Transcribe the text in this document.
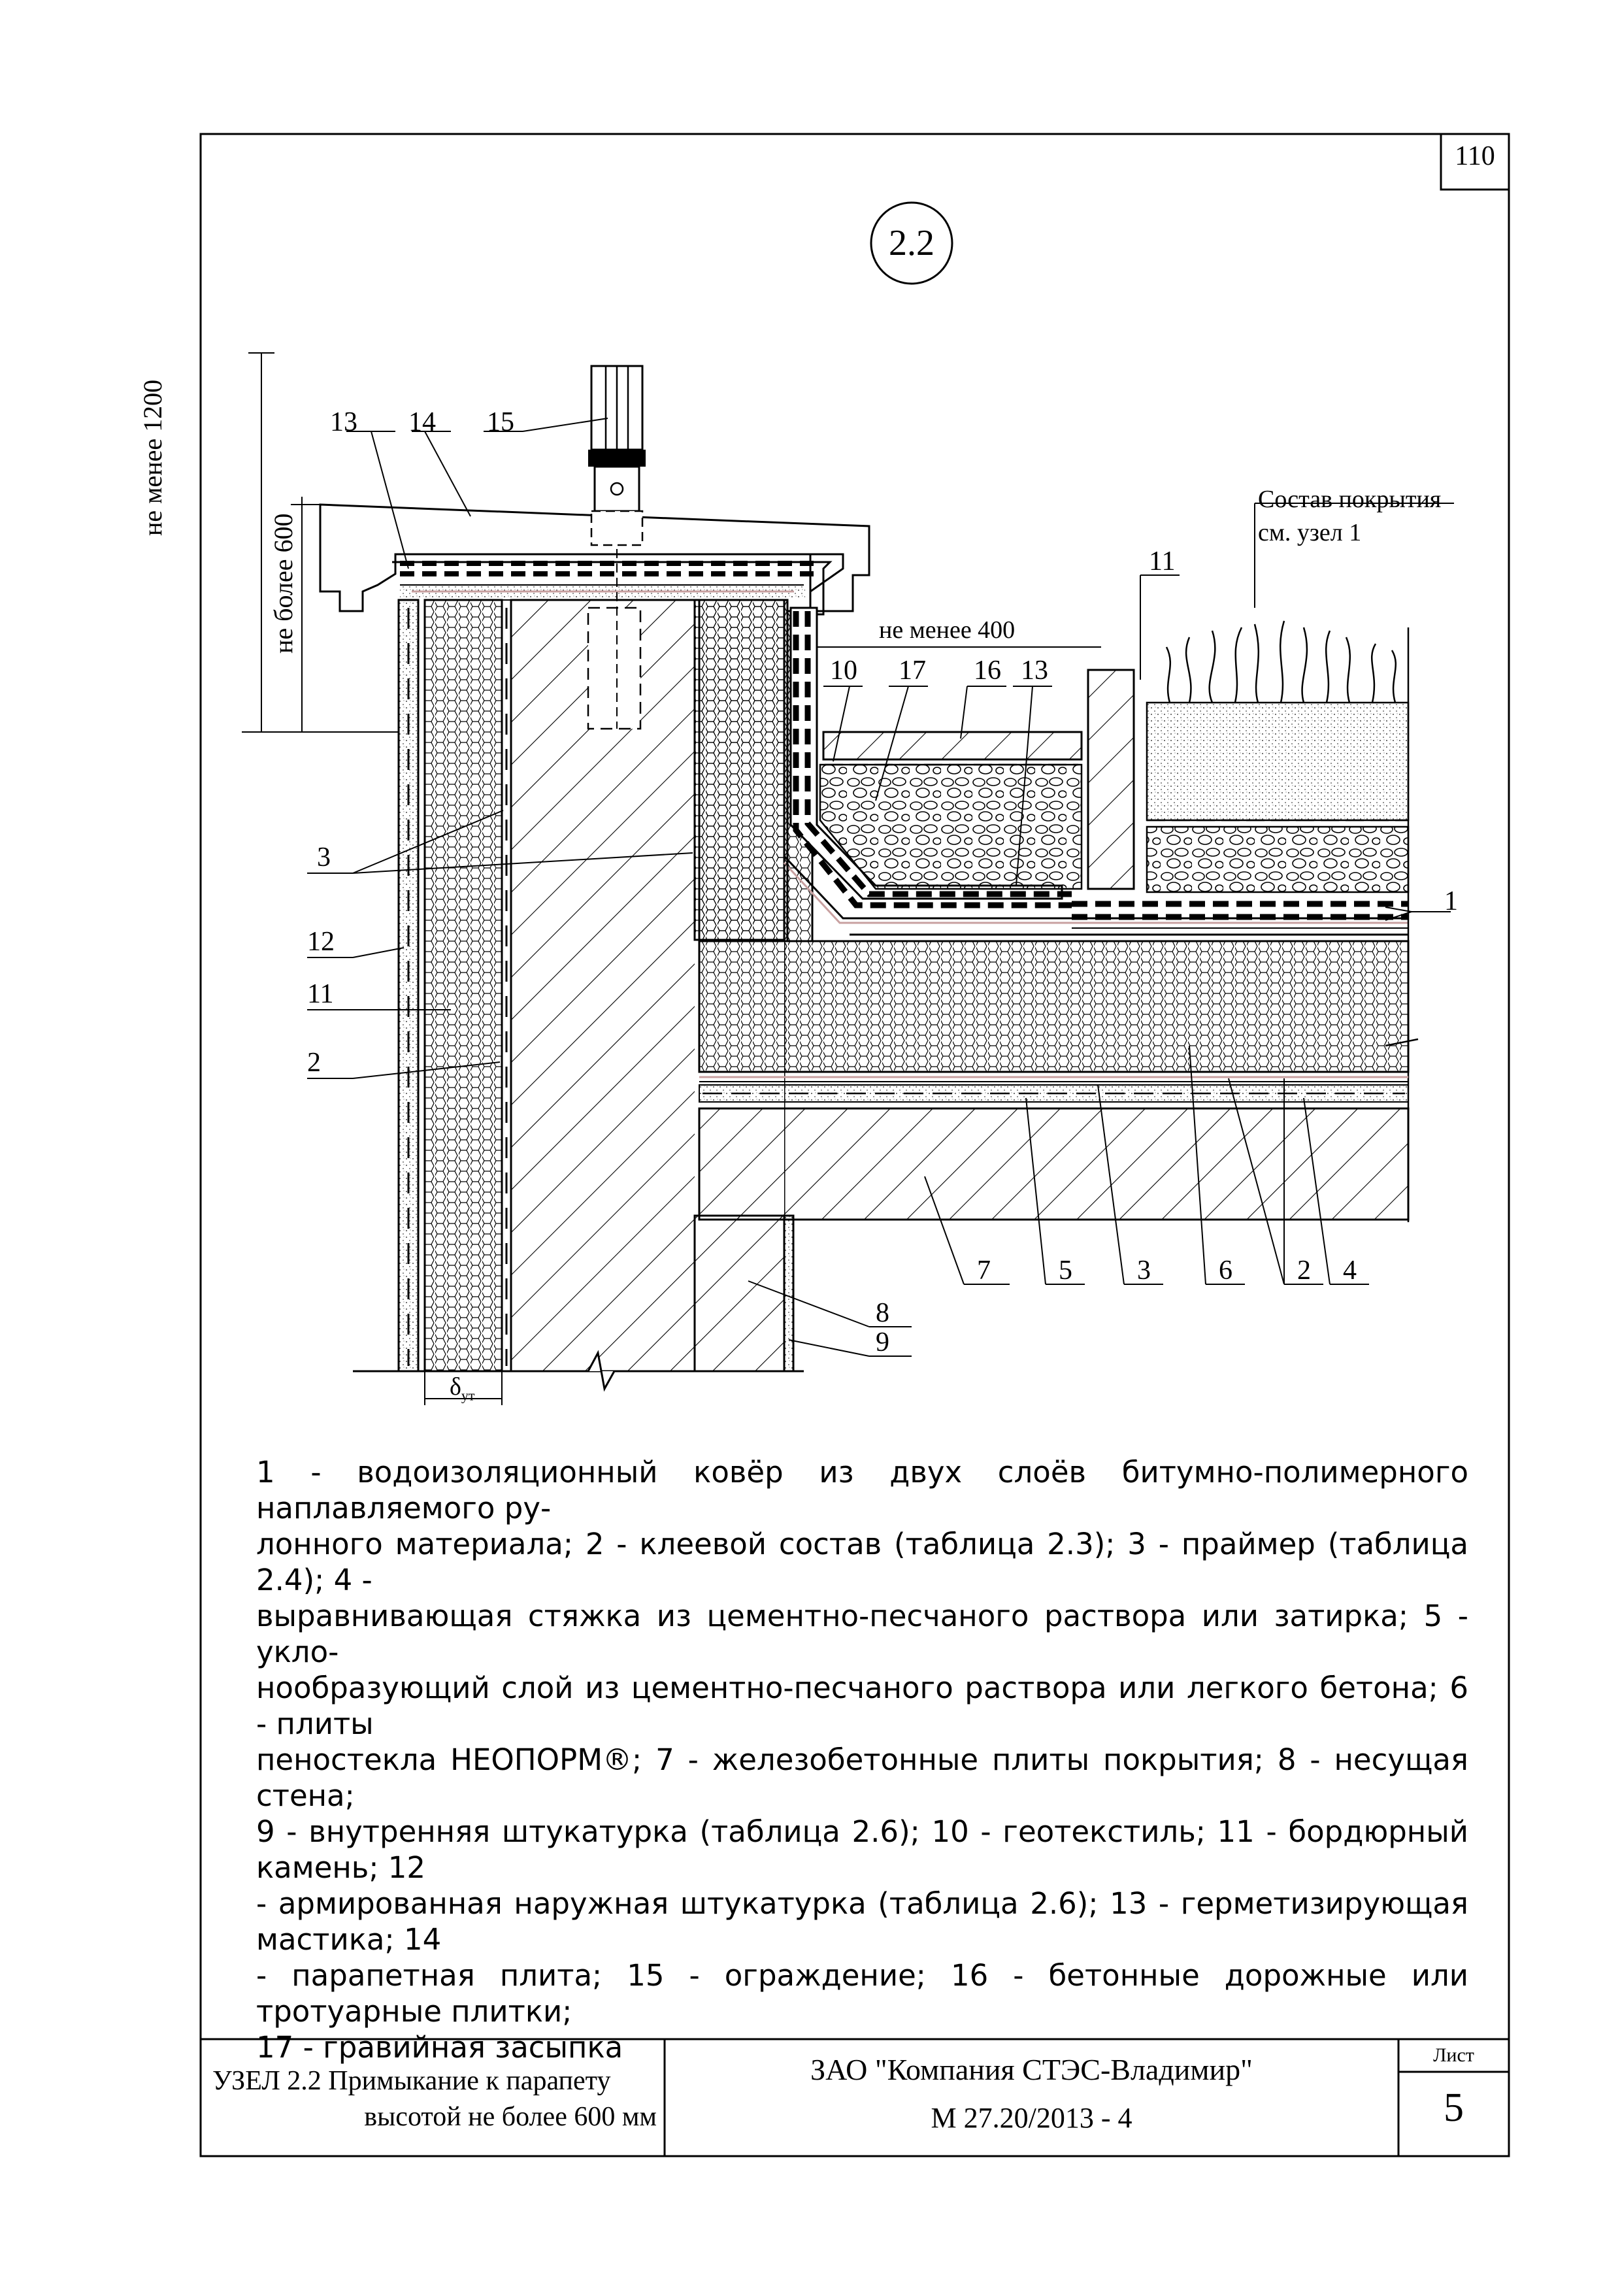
110
2.2
не менее 1200
не более 600	не менее 400
$\delta_{ут}$
Состав покрытия
см. узел 1
13 14 15
11
10 17 16 13
1
3
12
11
2
7 5 3 6 2 4
8
9
1 - водоизоляционный ковёр из двух слоёв битумно-полимерного наплавляемого ру-
лонного материала; 2 - клеевой состав (таблица 2.3); 3 - праймер (таблица 2.4); 4 -
выравнивающая стяжка из цементно-песчаного раствора или затирка; 5 - укло-
нообразующий слой из цементно-песчаного раствора или легкого бетона; 6 - плиты
пеностекла НЕОПОРМ®; 7 - железобетонные плиты покрытия; 8 - несущая стена;
9 - внутренняя штукатурка (таблица 2.6); 10 - геотекстиль; 11 - бордюрный камень; 12
- армированная наружная штукатурка (таблица 2.6); 13 - герметизирующая мастика; 14
- парапетная плита; 15 - ограждение; 16 - бетонные дорожные или тротуарные плитки;
17 - гравийная засыпка
УЗЕЛ 2.2 Примыкание к парапету
высотой не более 600 мм
ЗАО "Компания СТЭС-Владимир"
М 27.20/2013 - 4
Лист
5
